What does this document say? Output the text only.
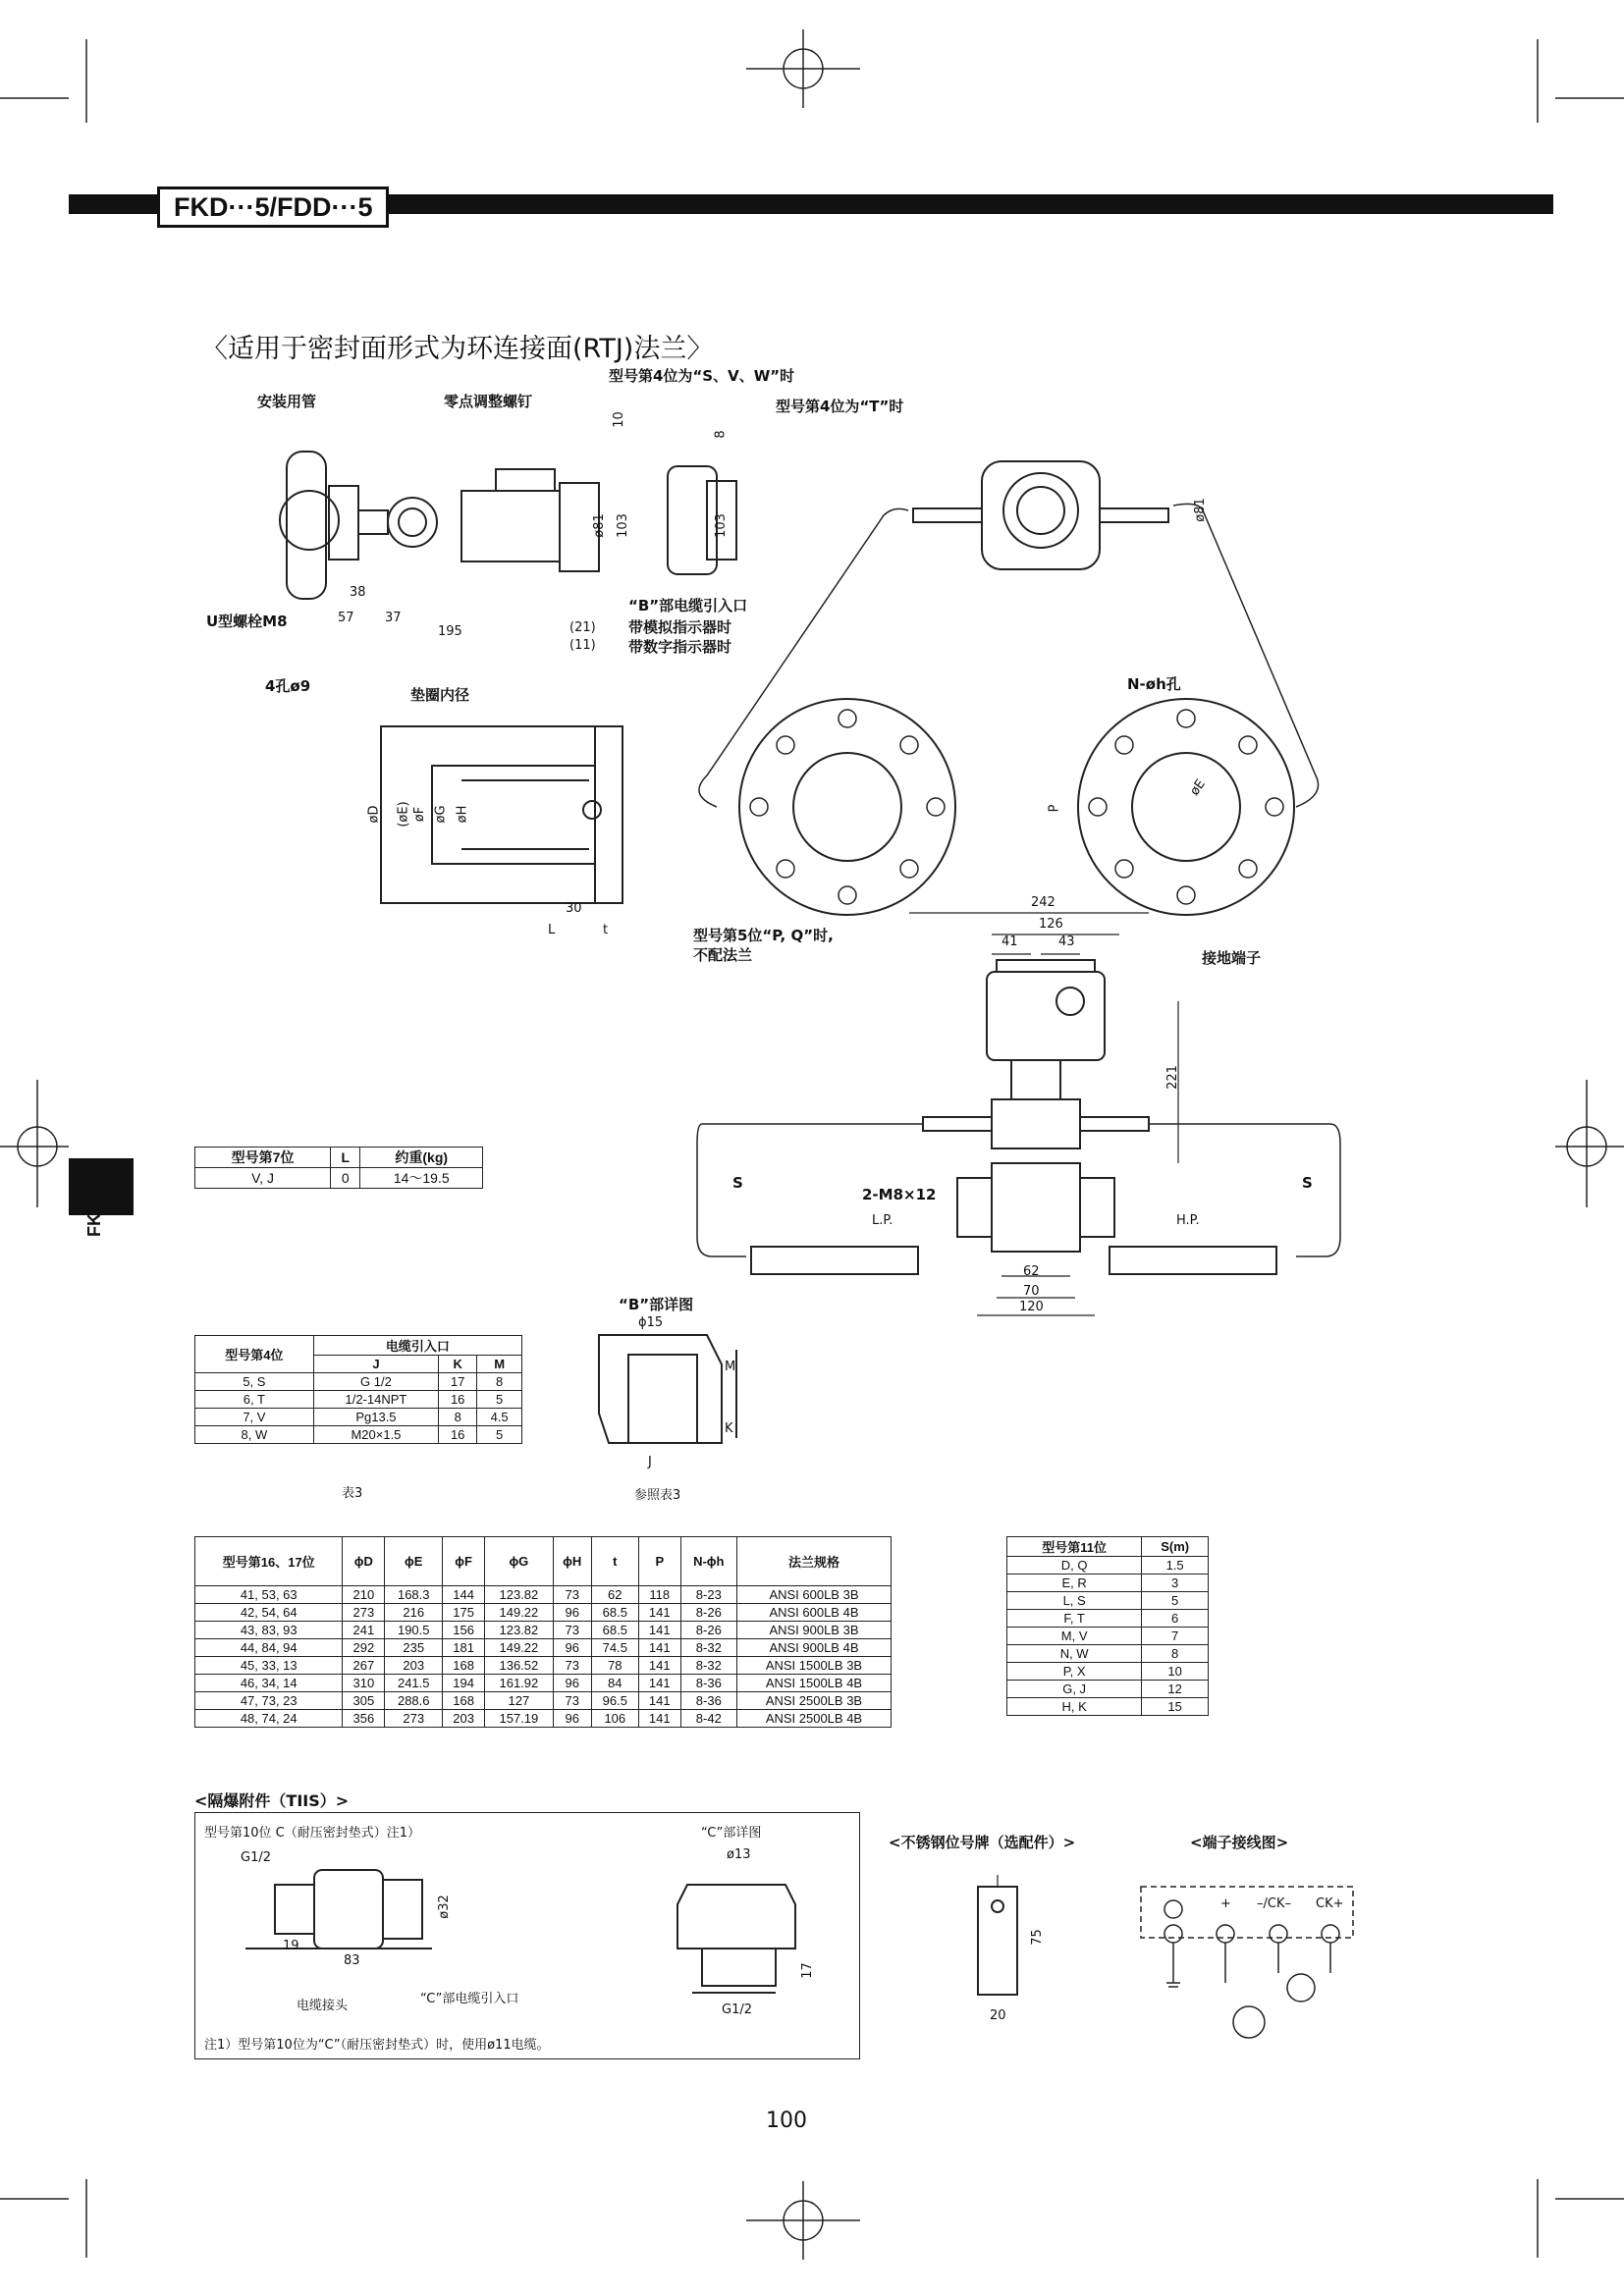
FKD···5/FDD···5
FKD
〈适用于密封面形式为环连接面(RTJ)法兰〉
安装用管	零点调整螺钉
型号第4位为“S、V、W”时
型号第4位为“T”时
U型螺栓M8
4孔ø9
“B”部电缆引入口
带模拟指示器时
带数字指示器时
垫圈内径
型号第5位“P, Q”时,
不配法兰
N-øh孔
接地端子
2-M8×12
L.P.	H.P.
S	S
10
8
38
57 37
195	(21)
(11)
103	103
ø81
ø81
øD (øE) øF øG øH
L	t
30
P
øE
242
126
41	43
221
62
70
120
型号第7位	L	约重(kg)
V, J	0	14～19.5
“B”部详图
ϕ15
M
K
J
参照表3
型号第4位	电缆引入口		
	J	K	M
5, S	G 1/2	17	8
6, T	1/2-14NPT	16	5
7, V	Pg13.5	8	4.5
8, W	M20×1.5	16	5
表3
型号第16、17位	ϕD	ϕE	ϕF	ϕG	ϕH	t	P	N-ϕh	法兰规格
41, 53, 63	210	168.3	144	123.82	73	62	118	8-23	ANSI 600LB 3B
42, 54, 64	273	216	175	149.22	96	68.5	141	8-26	ANSI 600LB 4B
43, 83, 93	241	190.5	156	123.82	73	68.5	141	8-26	ANSI 900LB 3B
44, 84, 94	292	235	181	149.22	96	74.5	141	8-32	ANSI 900LB 4B
45, 33, 13	267	203	168	136.52	73	78	141	8-32	ANSI 1500LB 3B
46, 34, 14	310	241.5	194	161.92	96	84	141	8-36	ANSI 1500LB 4B
47, 73, 23	305	288.6	168	127	73	96.5	141	8-36	ANSI 2500LB 3B
48, 74, 24	356	273	203	157.19	96	106	141	8-42	ANSI 2500LB 4B
型号第11位	S(m)
D, Q	1.5
E, R	3
L, S	5
F, T	6
M, V	7
N, W	8
P, X	10
G, J	12
H, K	15
<隔爆附件（TIIS）>
型号第10位 C（耐压密封垫式）注1）
G1/2
ø32
19
83
电缆接头	“C”部电缆引入口
“C”部详图
ø13
17
G1/2
注1）型号第10位为“C”（耐压密封垫式）时，使用ø11电缆。
<不锈钢位号牌（选配件）>
75
20
<端子接线图>
+ –/CK– CK+
100
